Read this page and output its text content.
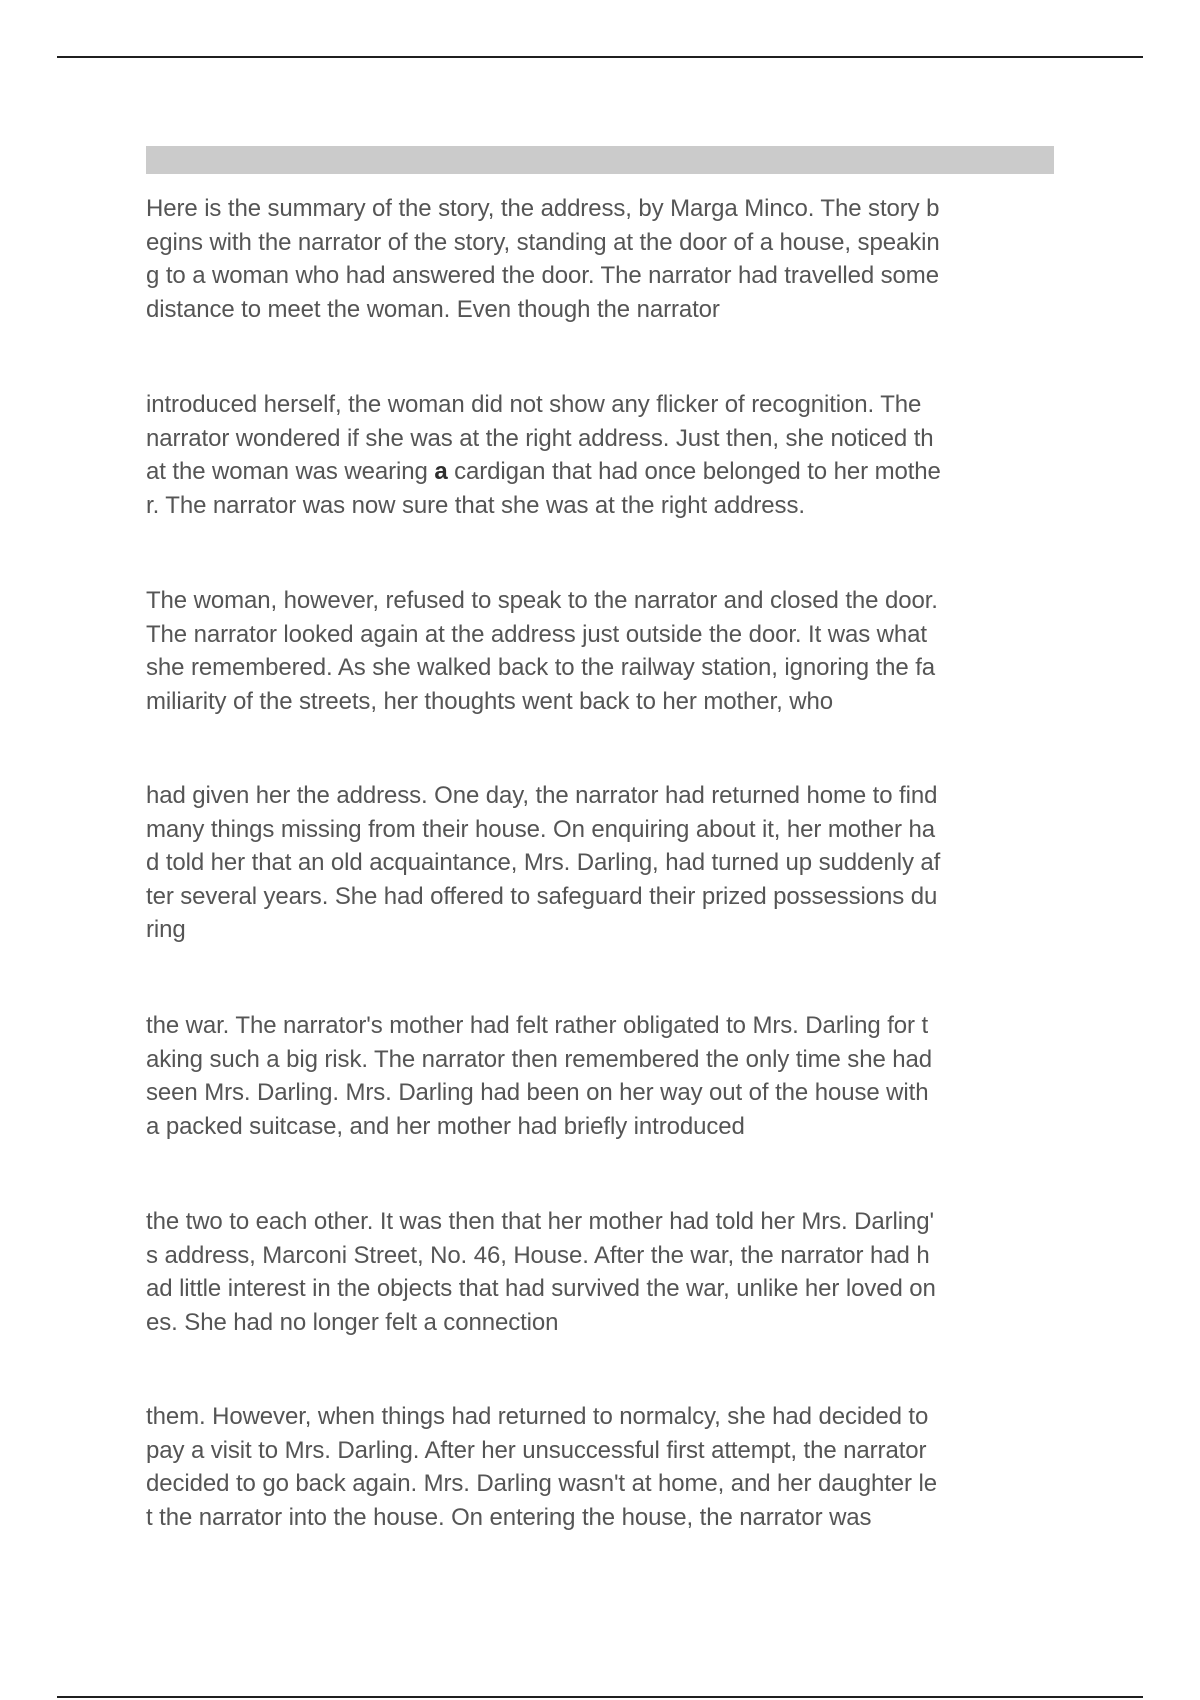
Here is the summary of the story, the address, by Marga Minco. The story b
egins with the narrator of the story, standing at the door of a house, speakin
g to a woman who had answered the door. The narrator had travelled some
distance to meet the woman. Even though the narrator

introduced herself, the woman did not show any flicker of recognition. The
narrator wondered if she was at the right address. Just then, she noticed th
at the woman was wearing a cardigan that had once belonged to her mothe
r. The narrator was now sure that she was at the right address.

The woman, however, refused to speak to the narrator and closed the door.
The narrator looked again at the address just outside the door. It was what
she remembered. As she walked back to the railway station, ignoring the fa
miliarity of the streets, her thoughts went back to her mother, who

had given her the address. One day, the narrator had returned home to find
many things missing from their house. On enquiring about it, her mother ha
d told her that an old acquaintance, Mrs. Darling, had turned up suddenly af
ter several years. She had offered to safeguard their prized possessions du
ring

the war. The narrator's mother had felt rather obligated to Mrs. Darling for t
aking such a big risk. The narrator then remembered the only time she had
seen Mrs. Darling. Mrs. Darling had been on her way out of the house with
a packed suitcase, and her mother had briefly introduced

the two to each other. It was then that her mother had told her Mrs. Darling'
s address, Marconi Street, No. 46, House. After the war, the narrator had h
ad little interest in the objects that had survived the war, unlike her loved on
es. She had no longer felt a connection

them. However, when things had returned to normalcy, she had decided to
pay a visit to Mrs. Darling. After her unsuccessful first attempt, the narrator
decided to go back again. Mrs. Darling wasn't at home, and her daughter le
t the narrator into the house. On entering the house, the narrator was
